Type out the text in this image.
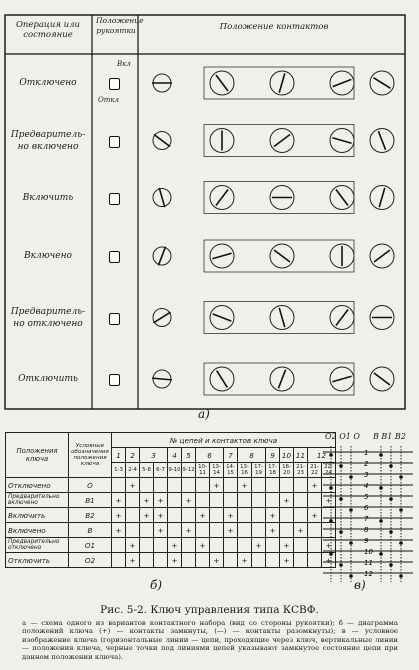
Операция или состояние
Положение рукоятки	Положение контактов
Отключено
Предваритель- но включено
Включить
Включено
Предваритель- но отключено
Отключить
Вкл
Откл
а)
Положения ключа	Условные обозначения положения ключа	№ цепей и контактов ключа															
		1	2	3		4	5	6		7	8		9	10	11	12	
		1-3	2-4	5-8	6-7	9-10	9-12	10-11	13-14	14-15	13-16	17-19	17-18	18-20	21-23	21-22	22-24
Отключено	О		+						+		+					+	
Предварительно включено	В1	+		+	+		+							+			+
Включить	В2	+		+	+			+		+			+			+	
Включено	В	+			+		+			+			+		+		
Предварительно отключено	О1		+			+		+				+		+			+
Отключить	О2		+			+			+		+			+			+
б)
О2 О1 О В В1 В2
1
2
3
4
5
6
7
8
9
10
11
12
в)
Рис. 5-2. Ключ управления типа КСВФ.
а — схема одного из вариантов контактного набора (вид со стороны рукоятки); б — диаграмма положений ключа (+) — контакты замкнуты, (—) — контакты разомкнуты); в — условное изображение ключа (горизонтальные линии — цепи, проходящие через ключ, вертикальные линии — положения ключа, черные точки под линиями цепей указывают замкнутое состояние цепи при данном положении ключа).
